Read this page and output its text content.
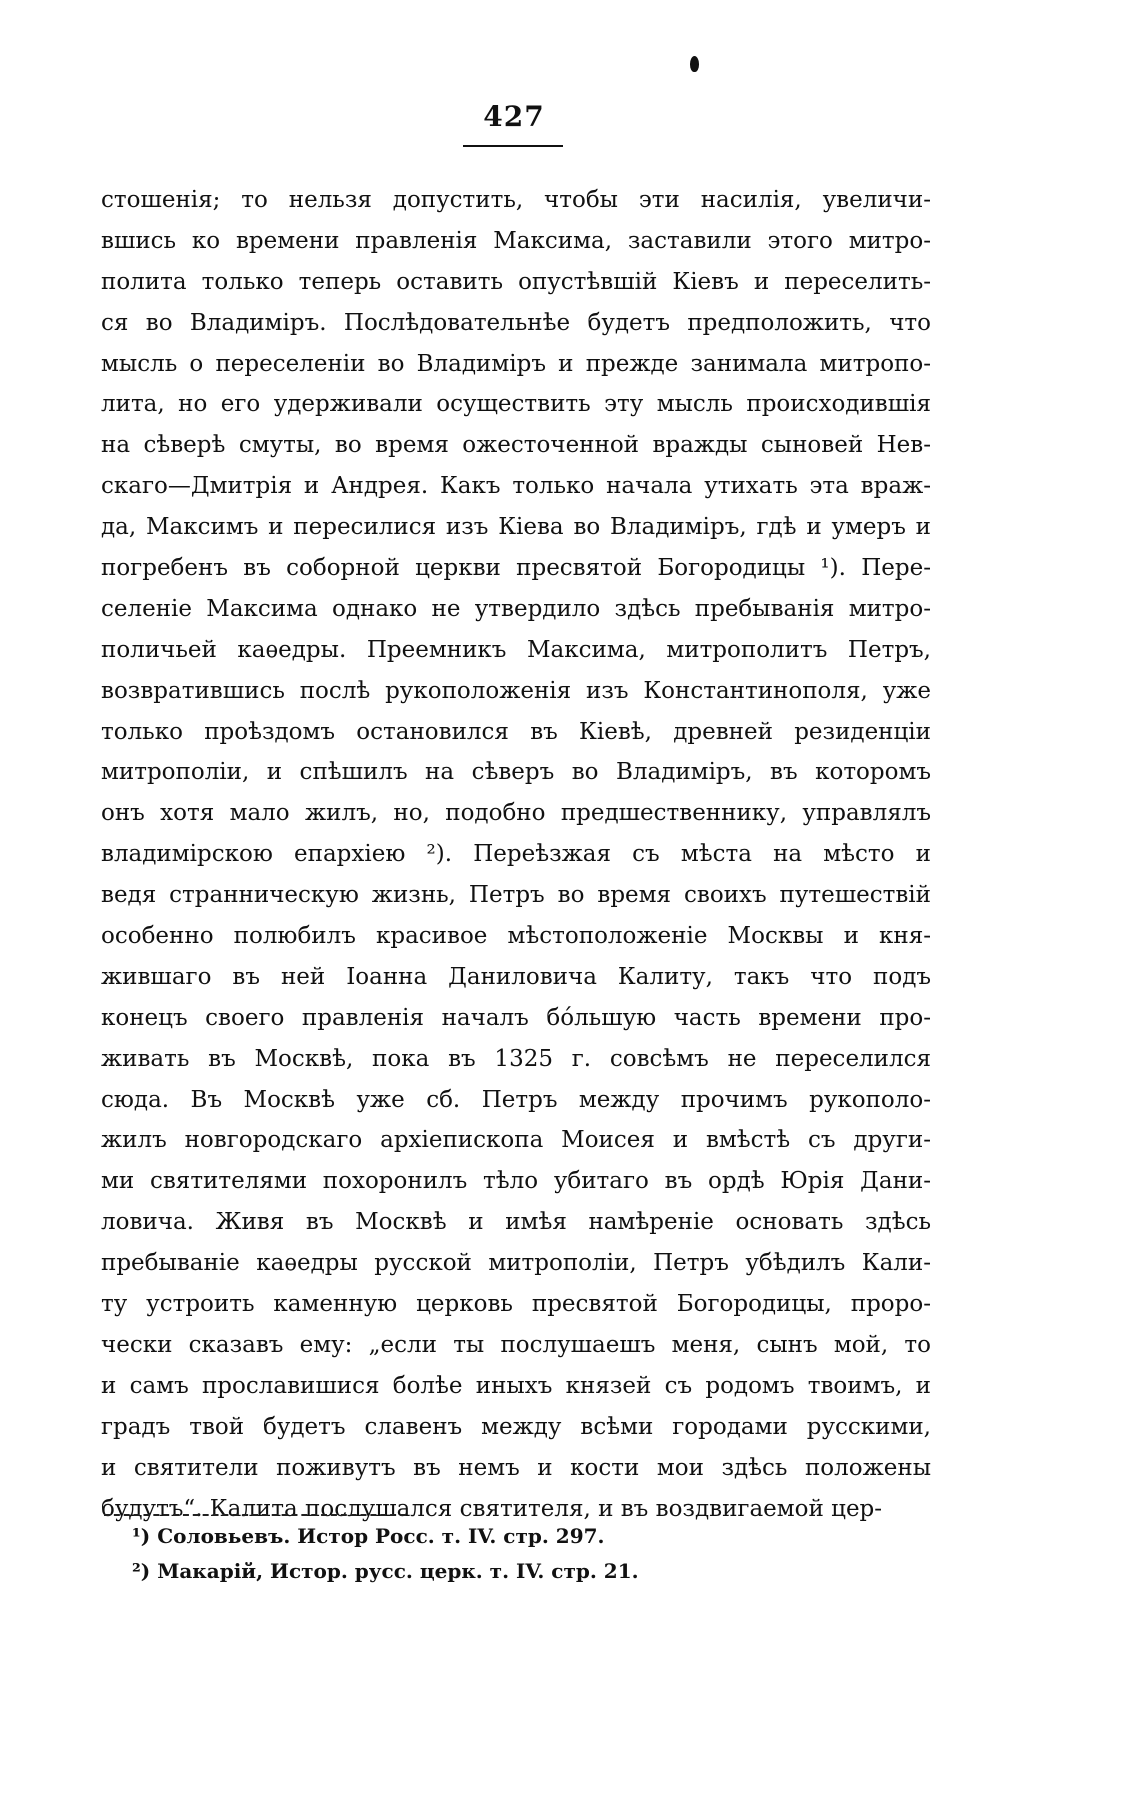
427
стошенія; то нельзя допустить, чтобы эти насилія, увеличи-
вшись ко времени правленія Максима, заставили этого митро-
полита только теперь оставить опустѣвшій Кіевъ и переселить-
ся во Владиміръ. Послѣдовательнѣе будетъ предположить, что
мысль о переселеніи во Владиміръ и прежде занимала митропо-
лита, но его удерживали осуществить эту мысль происходившія
на сѣверѣ смуты, во время ожесточенной вражды сыновей Нев-
скаго—Дмитрія и Андрея. Какъ только начала утихать эта враж-
да, Максимъ и пересилися изъ Кіева во Владиміръ, гдѣ и умеръ и
погребенъ въ соборной церкви пресвятой Богородицы ¹). Пере-
селеніе Максима однако не утвердило здѣсь пребыванія митро-
поличьей каѳедры. Преемникъ Максима, митрополитъ Петръ,
возвратившись послѣ рукоположенія изъ Константинополя, уже
только проѣздомъ остановился въ Кіевѣ, древней резиденціи
митрополіи, и спѣшилъ на сѣверъ во Владиміръ, въ которомъ
онъ хотя мало жилъ, но, подобно предшественнику, управлялъ
владимірскою епархіею ²). Переѣзжая съ мѣста на мѣсто и
ведя странническую жизнь, Петръ во время своихъ путешествій
особенно полюбилъ красивое мѣстоположеніе Москвы и кня-
жившаго въ ней Іоанна Даниловича Калиту, такъ что подъ
конецъ своего правленія началъ бо́льшую часть времени про-
живать въ Москвѣ, пока въ 1325 г. совсѣмъ не переселился
сюда. Въ Москвѣ уже сб. Петръ между прочимъ рукополо-
жилъ новгородскаго архіепископа Моисея и вмѣстѣ съ други-
ми святителями похоронилъ тѣло убитаго въ ордѣ Юрія Дани-
ловича. Живя въ Москвѣ и имѣя намѣреніе основать здѣсь
пребываніе каѳедры русской митрополіи, Петръ убѣдилъ Кали-
ту устроить каменную церковь пресвятой Богородицы, проро-
чески сказавъ ему: „если ты послушаешъ меня, сынъ мой, то
и самъ прославишися болѣе иныхъ князей съ родомъ твоимъ, и
градъ твой будетъ славенъ между всѣми городами русскими,
и святители поживутъ въ немъ и кости мои здѣсь положены
будутъ“. Калита послушался святителя, и въ воздвигаемой цер-
¹) Соловьевъ. Истор Росс. т. IV. стр. 297.
²) Макарій, Истор. русс. церк. т. IV. стр. 21.
